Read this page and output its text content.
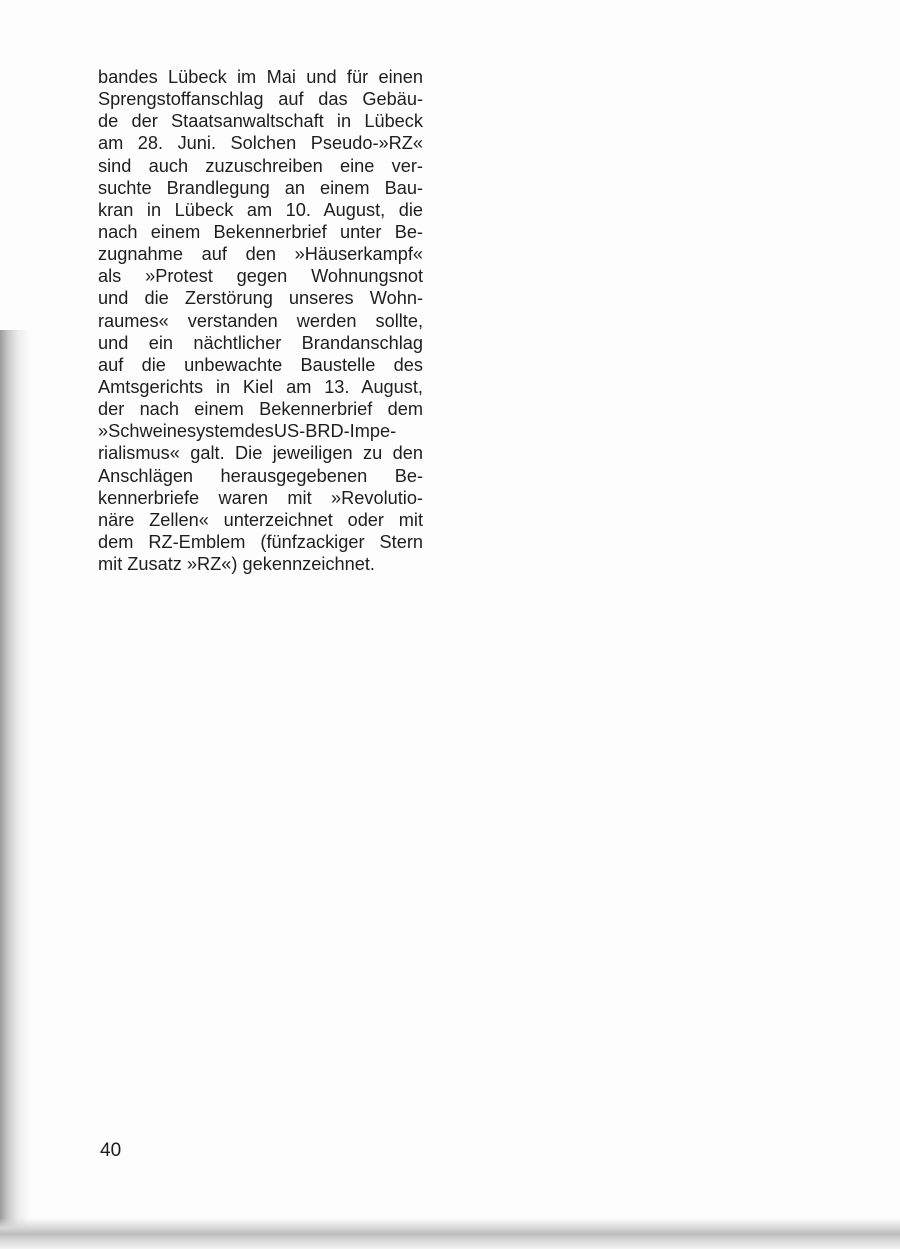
bandes Lübeck im Mai und für einen
Sprengstoffanschlag auf das Gebäu-
de der Staatsanwaltschaft in Lübeck
am 28. Juni. Solchen Pseudo-»RZ«
sind auch zuzuschreiben eine ver-
suchte Brandlegung an einem Bau-
kran in Lübeck am 10. August, die
nach einem Bekennerbrief unter Be-
zugnahme auf den »Häuserkampf«
als »Protest gegen Wohnungsnot
und die Zerstörung unseres Wohn-
raumes« verstanden werden sollte,
und ein nächtlicher Brandanschlag
auf die unbewachte Baustelle des
Amtsgerichts in Kiel am 13. August,
der nach einem Bekennerbrief dem
»SchweinesystemdesUS-BRD-Impe-
rialismus« galt. Die jeweiligen zu den
Anschlägen herausgegebenen Be-
kennerbriefe waren mit »Revolutio-
näre Zellen« unterzeichnet oder mit
dem RZ-Emblem (fünfzackiger Stern
mit Zusatz »RZ«) gekennzeichnet.

40
